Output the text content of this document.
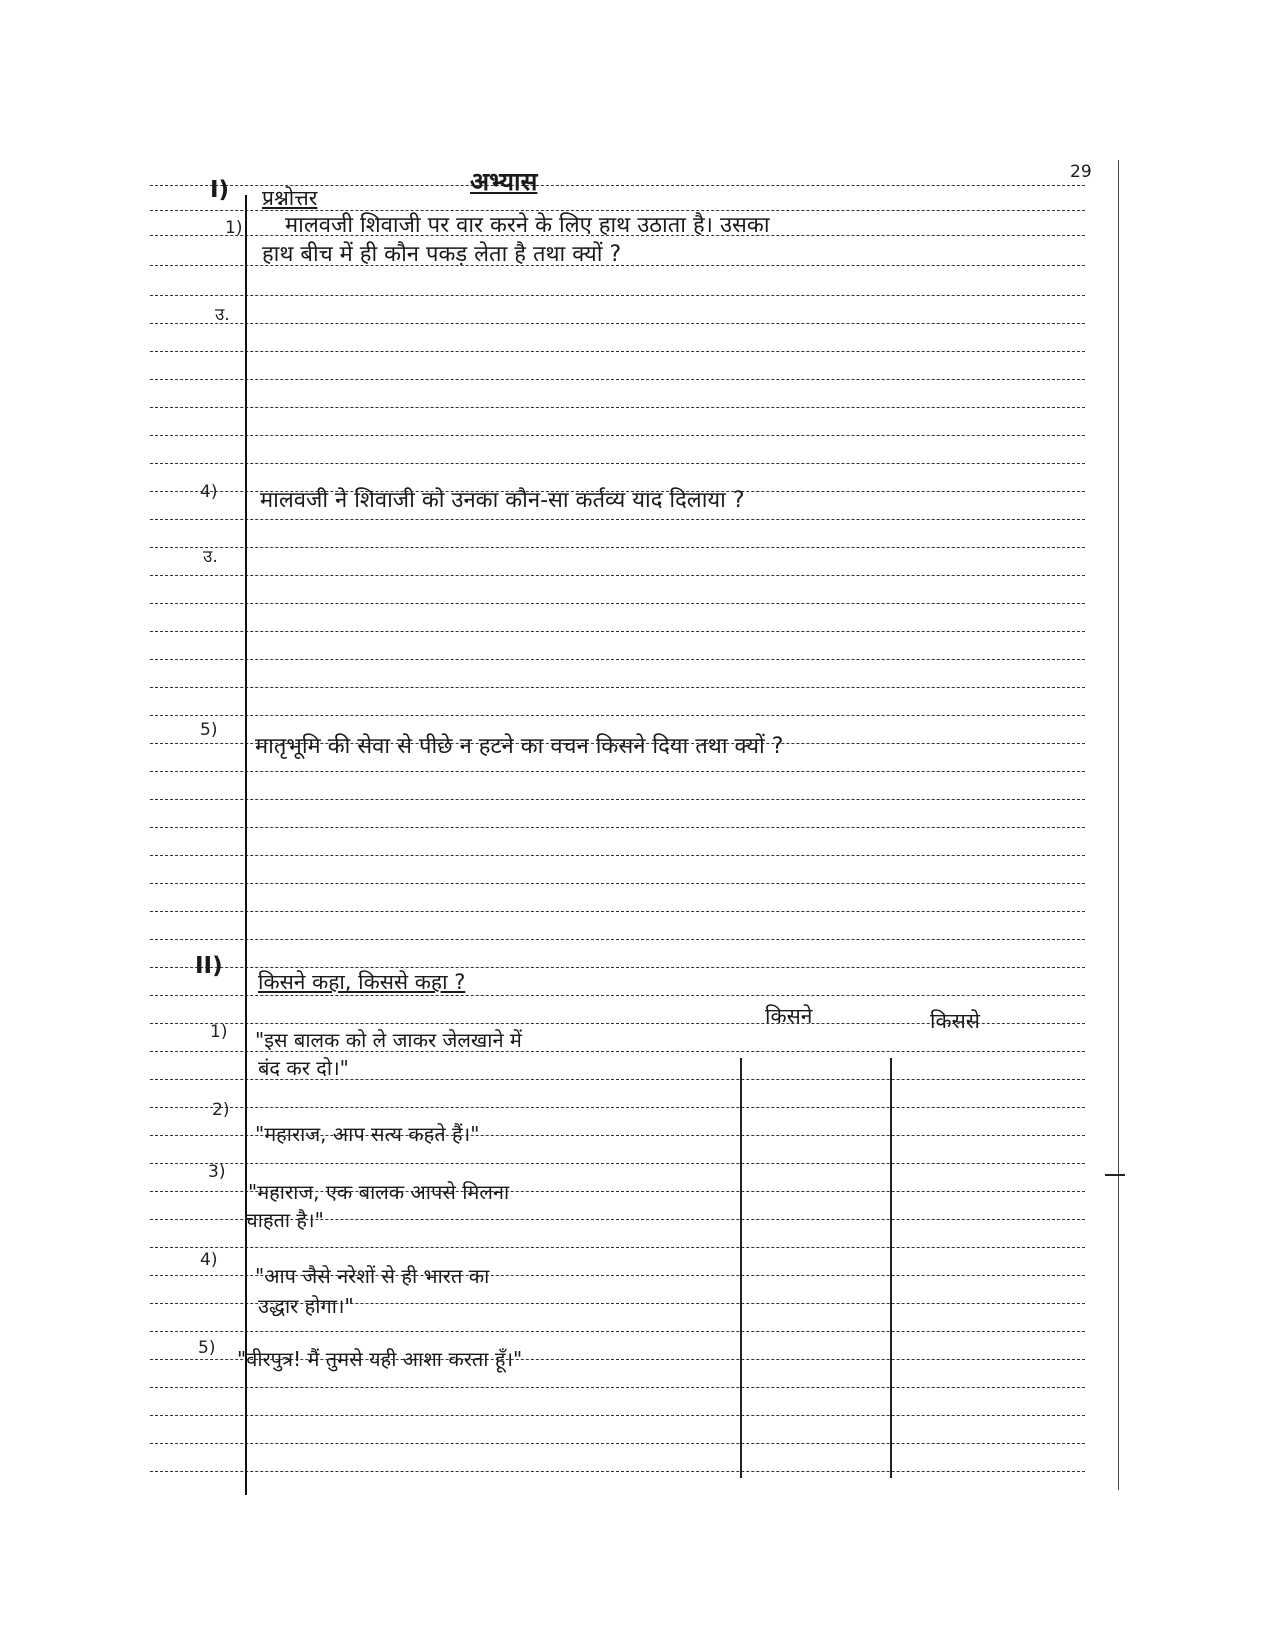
29
I) प्रश्नोत्तर
अभ्यास
1) मालवजी शिवाजी पर वार करने के लिए हाथ उठाता है। उसका
हाथ बीच में ही कौन पकड़ लेता है तथा क्यों ?
उ.
4) मालवजी ने शिवाजी को उनका कौन-सा कर्तव्य याद दिलाया ?
उ.
5)
मातृभूमि की सेवा से पीछे न हटने का वचन किसने दिया तथा क्यों ?
II)
किसने कहा, किससे कहा ?
किसने	किससे
1) "इस बालक को ले जाकर जेलखाने में
बंद कर दो।"
2)
"महाराज, आप सत्य कहते हैं।"
3)
"महाराज, एक बालक आपसे मिलना
चाहता है।"
4)
"आप जैसे नरेशों से ही भारत का
उद्धार होगा।"
5) "वीरपुत्र! मैं तुमसे यही आशा करता हूँ।"
